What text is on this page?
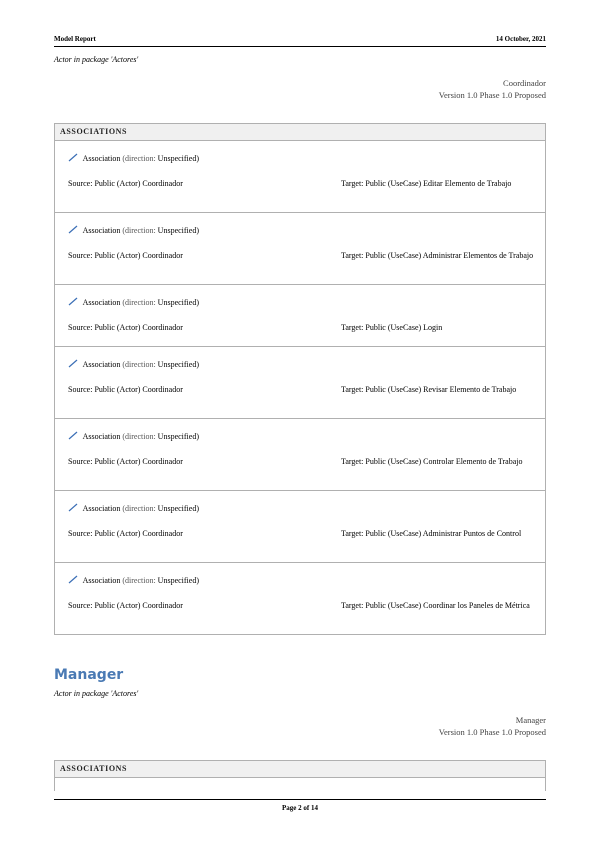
Model Report	14 October, 2021
Actor in package 'Actores'
Coordinador
Version 1.0 Phase 1.0 Proposed
ASSOCIATIONS
Association (direction: Unspecified)
Source: Public (Actor) Coordinador	Target: Public (UseCase) Editar Elemento de Trabajo
Association (direction: Unspecified)
Source: Public (Actor) Coordinador	Target: Public (UseCase) Administrar Elementos de Trabajo
Association (direction: Unspecified)
Source: Public (Actor) Coordinador	Target: Public (UseCase) Login
Association (direction: Unspecified)
Source: Public (Actor) Coordinador	Target: Public (UseCase) Revisar Elemento de Trabajo
Association (direction: Unspecified)
Source: Public (Actor) Coordinador	Target: Public (UseCase) Controlar Elemento de Trabajo
Association (direction: Unspecified)
Source: Public (Actor) Coordinador	Target: Public (UseCase) Administrar Puntos de Control
Association (direction: Unspecified)
Source: Public (Actor) Coordinador	Target: Public (UseCase) Coordinar los Paneles de Métrica
Manager
Actor in package 'Actores'
Manager
Version 1.0 Phase 1.0 Proposed
ASSOCIATIONS
Page 2 of 14
